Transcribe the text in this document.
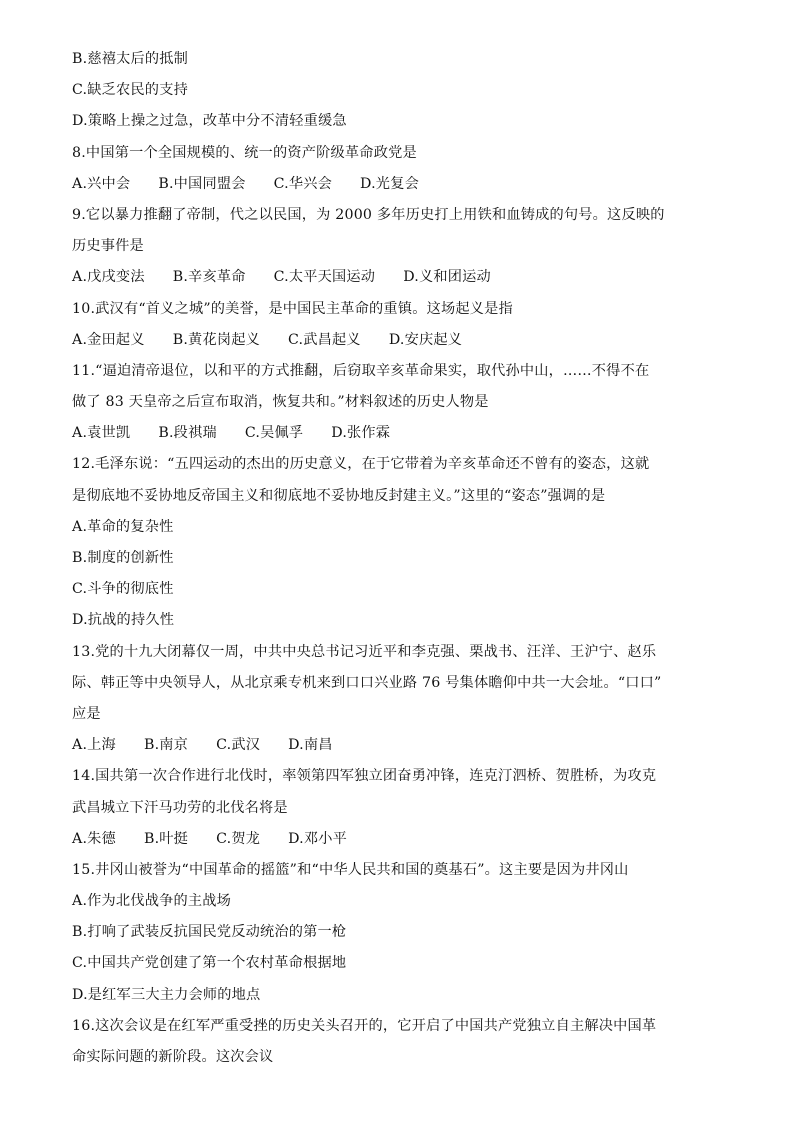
B.慈禧太后的抵制
C.缺乏农民的支持
D.策略上操之过急，改革中分不清轻重缓急
8.中国第一个全国规模的、统一的资产阶级革命政党是
A.兴中会 B.中国同盟会 C.华兴会 D.光复会
9.它以暴力推翻了帝制，代之以民国，为 2000 多年历史打上用铁和血铸成的句号。这反映的
历史事件是
A.戊戌变法 B.辛亥革命 C.太平天国运动 D.义和团运动
10.武汉有“首义之城”的美誉，是中国民主革命的重镇。这场起义是指
A.金田起义 B.黄花岗起义 C.武昌起义 D.安庆起义
11.“逼迫清帝退位，以和平的方式推翻，后窃取辛亥革命果实，取代孙中山，……不得不在
做了 83 天皇帝之后宣布取消，恢复共和。”材料叙述的历史人物是
A.袁世凯 B.段祺瑞 C.吴佩孚 D.张作霖
12.毛泽东说：“五四运动的杰出的历史意义，在于它带着为辛亥革命还不曾有的姿态，这就
是彻底地不妥协地反帝国主义和彻底地不妥协地反封建主义。”这里的“姿态”强调的是
A.革命的复杂性
B.制度的创新性
C.斗争的彻底性
D.抗战的持久性
13.党的十九大闭幕仅一周，中共中央总书记习近平和李克强、栗战书、汪洋、王沪宁、赵乐
际、韩正等中央领导人，从北京乘专机来到口口兴业路 76 号集体瞻仰中共一大会址。“口口”
应是
A.上海 B.南京 C.武汉 D.南昌
14.国共第一次合作进行北伐时，率领第四军独立团奋勇冲锋，连克汀泗桥、贺胜桥，为攻克
武昌城立下汗马功劳的北伐名将是
A.朱德 B.叶挺 C.贺龙 D.邓小平
15.井冈山被誉为“中国革命的摇篮”和“中华人民共和国的奠基石”。这主要是因为井冈山
A.作为北伐战争的主战场
B.打响了武装反抗国民党反动统治的第一枪
C.中国共产党创建了第一个农村革命根据地
D.是红军三大主力会师的地点
16.这次会议是在红军严重受挫的历史关头召开的，它开启了中国共产党独立自主解决中国革
命实际问题的新阶段。这次会议
